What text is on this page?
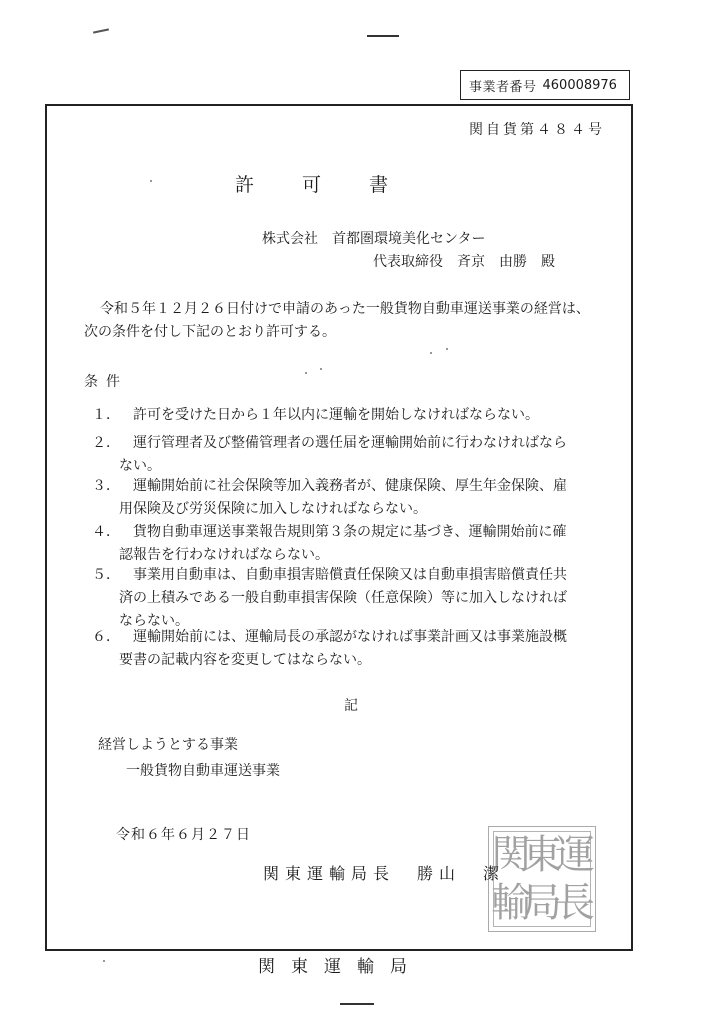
事業者番号 460008976
関自貨第４８４号
許	可	書
株式会社　首都圏環境美化センター
代表取締役　斉京　由勝　殿
令和５年１２月２６日付けで申請のあった一般貨物自動車運送事業の経営は、
次の条件を付し下記のとおり許可する。
条件
１． 許可を受けた日から１年以内に運輸を開始しなければならない。
２． 運行管理者及び整備管理者の選任届を運輸開始前に行わなければなら
ない。
３． 運輸開始前に社会保険等加入義務者が、健康保険、厚生年金保険、雇
用保険及び労災保険に加入しなければならない。
４． 貨物自動車運送事業報告規則第３条の規定に基づき、運輸開始前に確
認報告を行わなければならない。
５． 事業用自動車は、自動車損害賠償責任保険又は自動車損害賠償責任共
済の上積みである一般自動車損害保険（任意保険）等に加入しなければ
ならない。
６． 運輸開始前には、運輸局長の承認がなければ事業計画又は事業施設概
要書の記載内容を変更してはならない。
記
経営しようとする事業
一般貨物自動車運送事業
令和６年６月２７日
関東運輸局長　勝山　潔 運
長
東
局
関
輸
関東運輸局
